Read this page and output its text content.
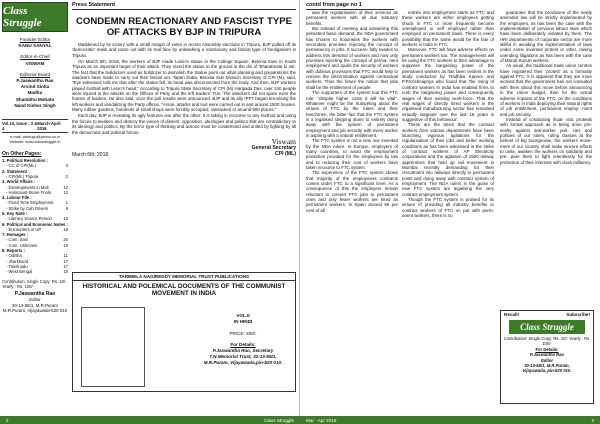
Class Struggle
Founder Editor
KANU SANYAL
Editor-in-Chief
VISWAM
Editorial Board
P.Jaswantha Rao
Arvind Sinha
Madhu
Shambhu Mahato
Nand Kishor Singh
Vol.10, Issue : 3 & 4
March-April 2016
e-mail: cstelugu@yahoo.co.in
Website: www.classstruggle.in
On Other Pages:
1. Political Resolution :
- CC of CPI(ML)	3
2. Statement :
- CPI(ML) Tripura	2
3. World Affairs :
- Developments in Mali	10
- Holocaust-Stone Fools	12
4. Labour File :
- Fixed Time Employment	1
- Strike by Cab Drivers	8
5. Key Note :
- Literacy Scarce Person	13
6. Political and Economic Notes :
- Encounters in UP	18
7. Homages :
- Com. Sani	20
- Com. Unknown	19
8. Reports :
- Odisha	11
- Jharkhand	17
- Tamilnadu	17
- West Bengal	18
Contribution: Single Copy: Rs. 10/- Yearly : Rs. 100/-
P.Jaswantha Rao
Editor
30-13-58/1, M.R.Puram
M.R.Puram, Vijayawada-520 010
Press Statement
CONDEMN REACTIONARY AND FASCIST TYPE OF ATTACKS BY BJP IN TRIPURA

Maddened by its victory with a small margin of votes in recent Assembly elections in Tripura, BJP pulled off its 'democratic' mask and came out with its real face by unleashing a reactionary and fascist type of hooliganism in Tripura.

On March 5th, 2018, the workers of BJP made Lenin's statue in the College Square, Belonia town in South Tripura as an important target of their attack. They razed the statue to the ground in the din of 'Bharatmata ki Jai'. The fact that the bulldozers used as bulldozer to demolish the Statue point out what planning and preparations the attackers have made to carry out their fascist act. Tapan Dutta, Belonia Sub Division Secretary of CPI (M), said, "Eye witnesses told me that after the statue fell, its head was disconnected from the body. And then, BJP workers played football with Lenin's head." According to Tripura State Secretary of CPI (M) Haripada Das, over 240 people were injured in the attacks on the Offices of Party and the left leaders' TUs. The attackers did not spare even the homes of leaders. He also said, once the poll results were announced, BJP and its ally IPFT began terrorising the left workers and vandalizing the Party offices. "Arson, attacks and loot were carried out in and around 1500 houses. Many rubber gardens, hundreds of small shops were forcibly occupied, ransacked or around 500 places."

Each day, BJP is revealing its ugly features one after the other. It is taking in recourse to any method and using the forces to weaken and destroy the voices of dissent, opposition, ideologies and politics that are contradictory to its ideology and politics. By the terror type of thinking and actions must be condemned and united by fighting by all the democratic and political forces.

March 6th, 2018
Viswam
General Secretary
CPI (ML)
TARIMELA NAGIREDDY MEMORIAL TRUST PUBLICATIONS
HISTORICAL AND POLEMICAL DOCUMENTS OF THE COMMUNIST MOVEMENT IN INDIA
VOL.II
IN HINDI
PRICE: 300/-
For Details:
P.Jaswantha Rao, Secretary
T.N.Memorial Trust, 32-13-58/1,
M.R.Puram, Vijayawada,pin-520 010.
2	Class Struggle
contd from page no 1

was the regularisation of their services as permanent workers with all due statutory benefits.

But instead of meeting and answering this persistent basic demand, the NDA government has chosen to hood-wink the workers with secondary promises rejecting the concept of permanency in jobs. It success- fully evades to address this demand of workers and now only promises rejecting the concept of perma- nent employment and spoils the security of workers with dubious provisions that FTC would help to remove the discrimination against contractual workers. Thus the future the notion that jobs shall be the entitlement of people.

The supporters of the system tout this FTC rule: "despite higher costs it will be vital". Whatever might be the trumpeting about the virtues of FTC by the rulers and their henchmen, the bitter fact that the FTC system is a legalised stepping stone to entirely doing away with the system of permanent employment and job security with every worker in aspiring with a natural entitlement.

The FTC system is not a new one invented by the NDA rulers. In Europe, employers of many countries, to avoid the employment protection provided for the employees by law and to reducing their cost of workers have taken recourse to FTC system.

The experience of the FTC system shows that majority of the employment contracts comes under FTC to a significant level. As a consequence of this the employers remain reluctant to convert FTC jobs to permanent ones and only fewer workers are hired as permanent workers. In Spain around 90 per cent of all

entries into employment starts as FTC and these workers are either employees getting shuck in FTC or more frequently become unemployed or self employed rather than employed on permanent basis. There is every possibility that the same would be the fate of workers in India in FTC.

Moreover, FTC will have adverse effects on permanent workers too. The managements will be using the FTC workers to their advantage to suppress the bargaining power of the permanent workers as has been evident in the study conducted by 'Radhika Kapoor and P.P.Krishnapriya who found that 'the rising of contract workers in India has enabled firms to curb the bargaining power and consequently wages of their existing work-force. That the real wages of directly hired workers in the organised manufacturing sector has remained virtually stagnant over the last 15 years is suggestive of this behaviour'.

These are the times that the contract workers from various departments have been launching vigorous agitations for the regularisation of their jobs and better working conditions as has been witnessed in the strike of contract workers of AP Electricity corporations and the agitation of 1500 railway apprentices that held up rail movement in Mumbai recently demanding for their recruitment into railways directly to permanent posts and doing away with contract system of employment. The NDA rulers in the guise of new FTC system are legalising the very contract employment system.

Though the FTC system is praised for its virtues of providing all industry benefits to contract workers of FTC on par with perm- anent workers, there is no

guarantee that the provisions of the newly amended law will be strictly implemented by the employers, as has been the case with the implementation of previous labour laws which have been deliberately violated by them. The HRI departments of corporate sector are more skilful in avoiding the implementation of laws under some invented protest or other, raising unending litigations as has been with the case of Maruti-Suzuki workers.

As usual, the traditional trade union centres have registered their 'protest' as a formality against FTC. It is apparent that they are more worried that the government has not consulted with them about this move before announcing in the Union budget, than for the actual adverse impacts of the FTC, on the conditions of workers in India deploying their natural rights of job entitlement, permanent employ- ment and job security.

Instead of conducting ritual- istic protests with formal approach as is being done pre- sently against anti-worker poli- cies and policies of our rulers, ruling classes at the behest of big bourgeoisie, the workers move- ment of our country shall make sincere efforts to unite, awaken the workers on solidarity and pre- pare them to fight relentlessly for the protection of their interests with class militancy.

Recall!	Subscribe!
Class Struggle
Contribution: Single Copy: Rs. 10/- Yearly : Rs. 100/-
For Details:
P.Jaswantha Rao
Editor
30-13-58/1, M.R.Puram,
Vijayawada, pin-520 010.
Mar - Apr 2018	3
